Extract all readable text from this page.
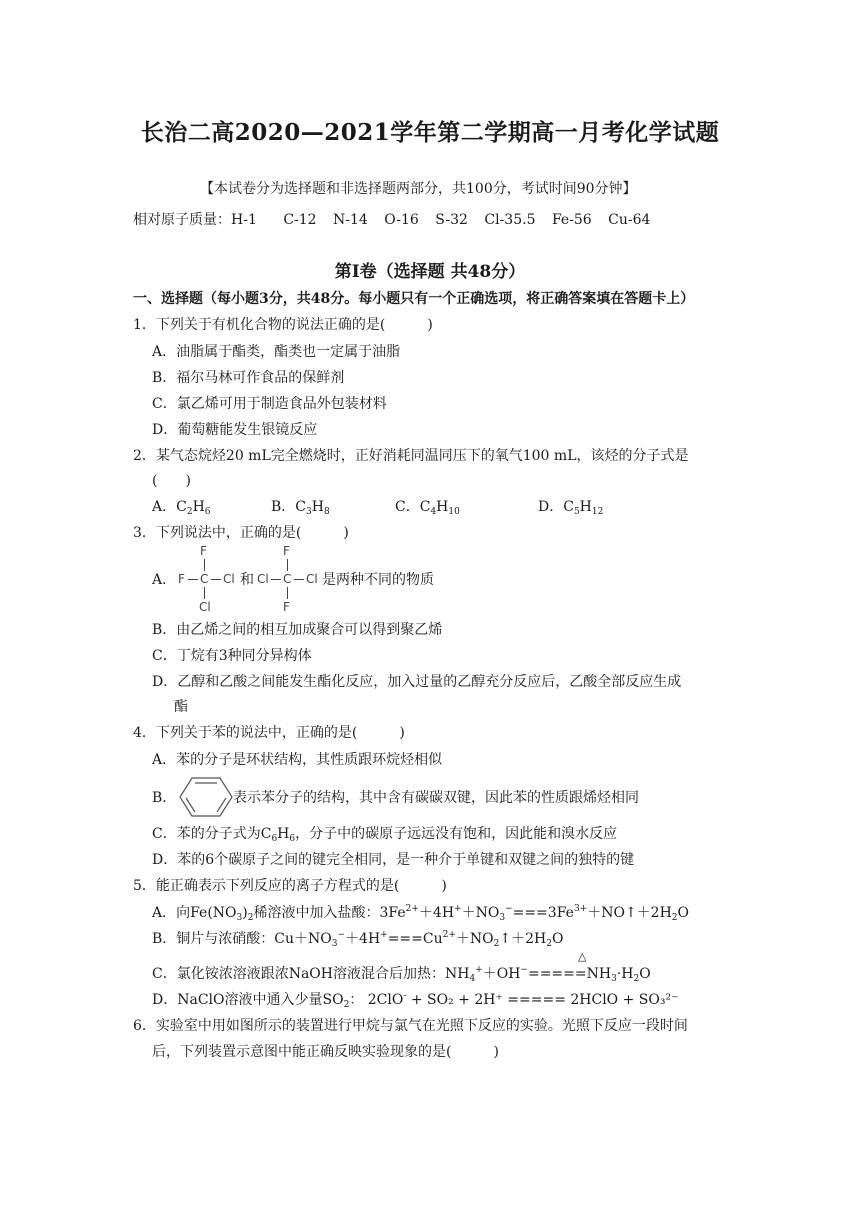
长治二高2020—2021学年第二学期高一月考化学试题
【本试卷分为选择题和非选择题两部分，共100分，考试时间90分钟】
相对原子质量：H-1 C-12 N-14 O-16 S-32 Cl-35.5 Fe-56 Cu-64
第Ⅰ卷（选择题 共48分）
一、选择题（每小题3分，共48分。每小题只有一个正确选项，将正确答案填在答题卡上）
1．下列关于有机化合物的说法正确的是(　　　)
A．油脂属于酯类，酯类也一定属于油脂
B．福尔马林可作食品的保鲜剂
C．氯乙烯可用于制造食品外包装材料
D．葡萄糖能发生银镜反应
2．某气态烷烃20 mL完全燃烧时，正好消耗同温同压下的氧气100 mL，该烃的分子式是
(　　)
A．$C_2H_6$	B．$C_3H_8$	C．$C_4H_{10}$	D．$C_5H_{12}$
3．下列说法中，正确的是(　　　)
A．
F
F C Cl
Cl
和
F
Cl C Cl
F
是两种不同的物质
B．由乙烯之间的相互加成聚合可以得到聚乙烯
C．丁烷有3种同分异构体
D．乙醇和乙酸之间能发生酯化反应，加入过量的乙醇充分反应后，乙酸全部反应生成
酯
4．下列关于苯的说法中，正确的是(　　　)
A．苯的分子是环状结构，其性质跟环烷烃相似
B．	表示苯分子的结构，其中含有碳碳双键，因此苯的性质跟烯烃相同
C．苯的分子式为$C_6H_6$，分子中的碳原子远远没有饱和，因此能和溴水反应
D．苯的6个碳原子之间的键完全相同，是一种介于单键和双键之间的独特的键
5．能正确表示下列反应的离子方程式的是(　　　)
A．向$Fe(NO_3)_2$稀溶液中加入盐酸：$3Fe^{2+}+4H^++NO_3^-===3Fe^{3+}+NO↑+2H_2O$
B．铜片与浓硝酸：$Cu+NO_3^-+4H^+===Cu^{2+}+NO_2↑+2H_2O$
△
C．氯化铵浓溶液跟浓NaOH溶液混合后加热：$NH_4^++OH^-=====NH_3\cdot H_2O$
D．NaClO溶液中通入少量$SO_2$： 2ClO- + SO₂ + 2H⁺ ===== 2HClO + SO₃²⁻
6．实验室中用如图所示的装置进行甲烷与氯气在光照下反应的实验。光照下反应一段时间
后，下列装置示意图中能正确反映实验现象的是(　　　)
